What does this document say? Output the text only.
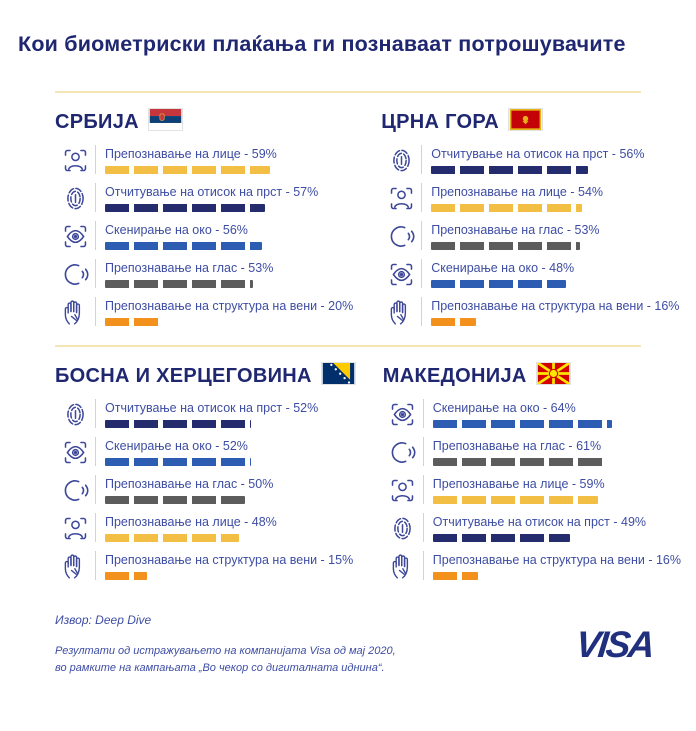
Кои биометриски плаќања ги познаваат потрошувачите
СРБИЈА
Препознавање на лице - 59%
Отчитување на отисок на прст - 57%
Скенирање на око - 56%
Препознавање на глас - 53%
Препознавање на структура на вени - 20%
ЦРНА ГОРА
Отчитување на отисок на прст - 56%
Препознавање на лице - 54%
Препознавање на глас - 53%
Скенирање на око - 48%
Препознавање на структура на вени - 16%
БОСНА И ХЕРЦЕГОВИНА
Отчитување на отисок на прст - 52%
Скенирање на око - 52%
Препознавање на глас - 50%
Препознавање на лице - 48%
Препознавање на структура на вени - 15%
МАКЕДОНИЈА
Скенирање на око - 64%
Препознавање на глас - 61%
Препознавање на лице - 59%
Отчитување на отисок на прст - 49%
Препознавање на структура на вени - 16%
Извор: Deep Dive
Резултати од истражувањето на компанијата Visa од мај 2020,
во рамките на кампањата „Во чекор со дигиталната иднина“.
VISA
